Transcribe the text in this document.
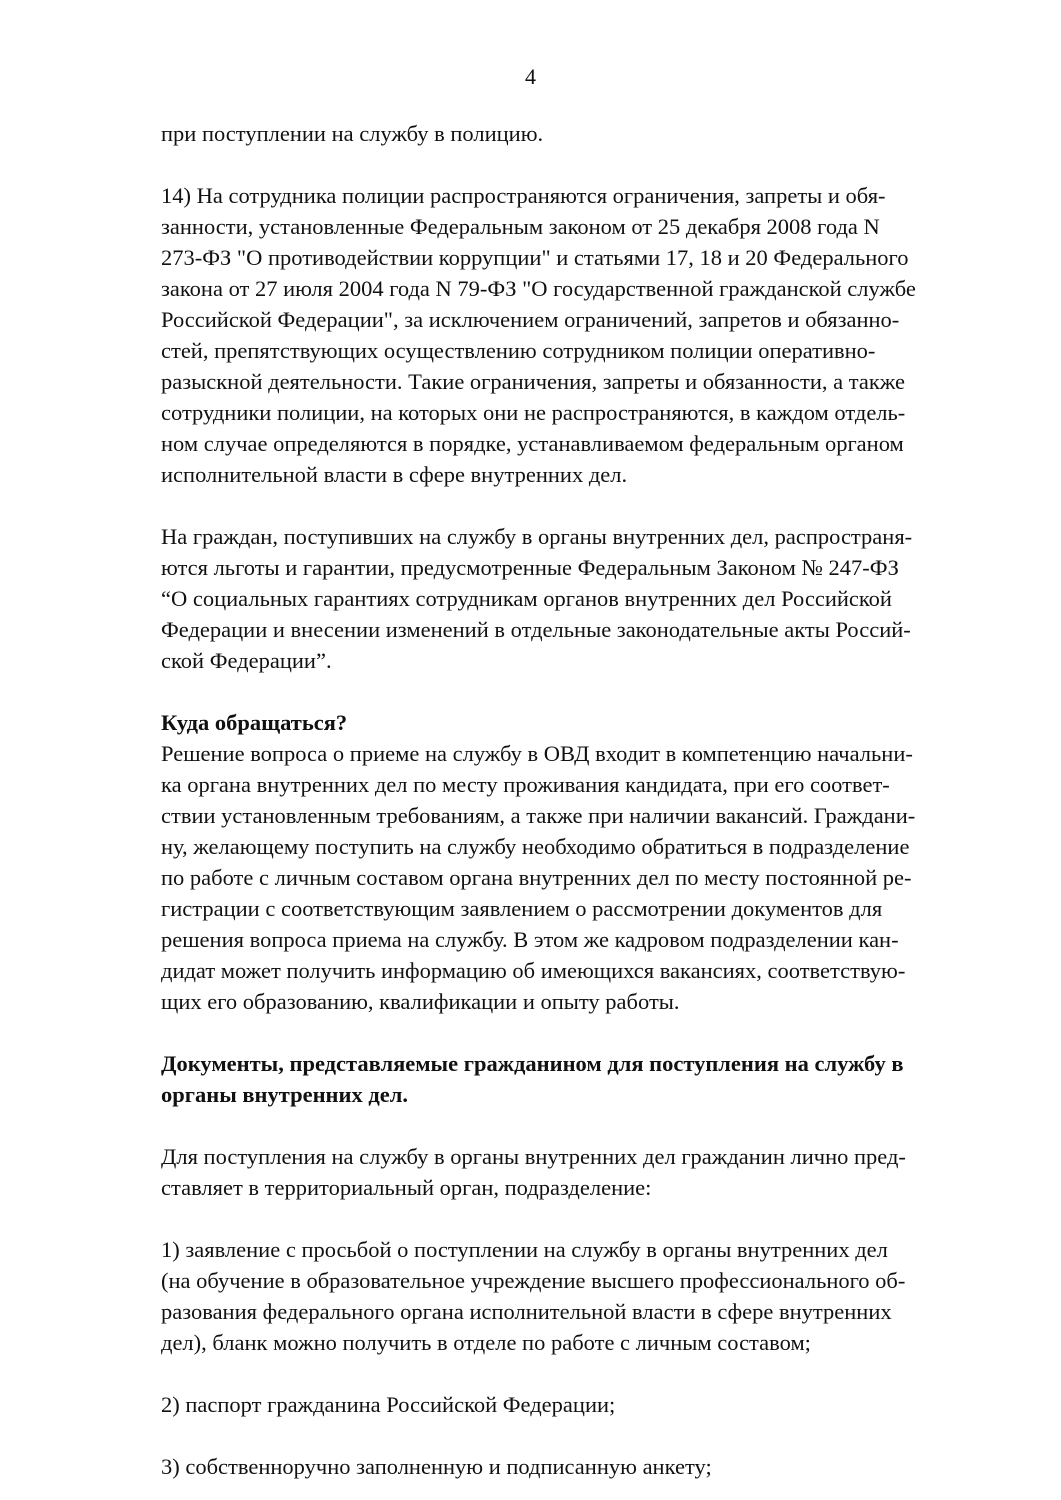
4

при поступлении на службу в полицию.

14) На сотрудника полиции распространяются ограничения, запреты и обя-
занности, установленные Федеральным законом от 25 декабря 2008 года N
273-ФЗ "О противодействии коррупции" и статьями 17, 18 и 20 Федерального
закона от 27 июля 2004 года N 79-ФЗ "О государственной гражданской службе
Российской Федерации", за исключением ограничений, запретов и обязанно-
стей, препятствующих осуществлению сотрудником полиции оперативно-
разыскной деятельности. Такие ограничения, запреты и обязанности, а также
сотрудники полиции, на которых они не распространяются, в каждом отдель-
ном случае определяются в порядке, устанавливаемом федеральным органом
исполнительной власти в сфере внутренних дел.

На граждан, поступивших на службу в органы внутренних дел, распространя-
ются льготы и гарантии, предусмотренные Федеральным Законом № 247-ФЗ
“О социальных гарантиях сотрудникам органов внутренних дел Российской
Федерации и внесении изменений в отдельные законодательные акты Россий-
ской Федерации”.

Куда обращаться?
Решение вопроса о приеме на службу в ОВД входит в компетенцию начальни-
ка органа внутренних дел по месту проживания кандидата, при его соответ-
ствии установленным требованиям, а также при наличии вакансий. Граждани-
ну, желающему поступить на службу необходимо обратиться в подразделение
по работе с личным составом органа внутренних дел по месту постоянной ре-
гистрации с соответствующим заявлением о рассмотрении документов для
решения вопроса приема на службу. В этом же кадровом подразделении кан-
дидат может получить информацию об имеющихся вакансиях, соответствую-
щих его образованию, квалификации и опыту работы.

Документы, представляемые гражданином для поступления на службу в
органы внутренних дел.

Для поступления на службу в органы внутренних дел гражданин лично пред-
ставляет в территориальный орган, подразделение:

1) заявление с просьбой о поступлении на службу в органы внутренних дел
(на обучение в образовательное учреждение высшего профессионального об-
разования федерального органа исполнительной власти в сфере внутренних
дел), бланк можно получить в отделе по работе с личным составом;

2) паспорт гражданина Российской Федерации;

3) собственноручно заполненную и подписанную анкету;
